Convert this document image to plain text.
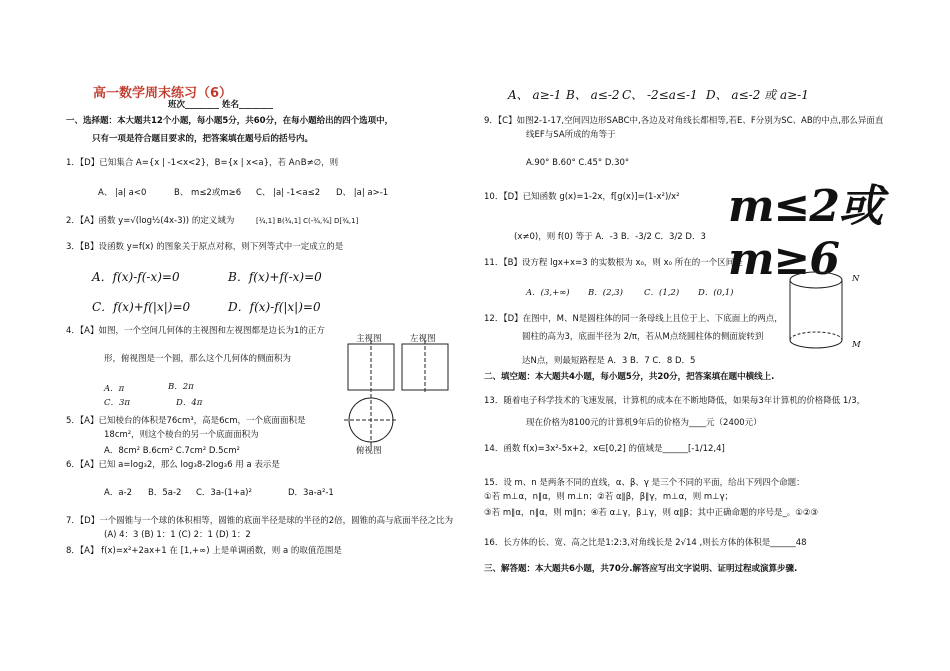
高一数学周末练习（6）
班次________ 姓名________
一、选择题：本大题共12个小题，每小题5分，共60分，在每小题给出的四个选项中，
只有一项是符合题目要求的，把答案填在题号后的括号内。
1．【D】已知集合 A={x | -1<x<2}，B={x | x<a}，若 A∩B≠∅，则
A、 |a| a<0	B、 m≤2或m≥6 C、 |a| -1<a≤2 D、 |a| a>-1
2．【A】函数 y=√(log½(4x-3)) 的定义域为	[¾,1] B(¾,1] C(-¾,¾] D[¾,1]
3．【B】设函数 y=f(x) 的图象关于原点对称，则下列等式中一定成立的是
A．f(x)-f(-x)=0	B．f(x)+f(-x)=0
C．f(x)+f(|x|)=0	D．f(x)-f(|x|)=0
4．【A】如图，一个空间几何体的主视图和左视图都是边长为1的正方
形，俯视图是一个圆，那么这个几何体的侧面积为
A．π	B．2π
C．3π	D．4π
主视图	左视图
俯视图
5．【A】已知棱台的体积是76cm³，高是6cm，一个底面面积是
18cm²，则这个棱台的另一个底面面积为
A．8cm² B.6cm² C.7cm² D.5cm²
6．【A】已知 a=log₃2，那么 log₃8-2log₃6 用 a 表示是
A．a-2 B．5a-2 C．3a-(1+a)²	D．3a-a²-1
7．【D】一个圆锥与一个球的体积相等，圆锥的底面半径是球的半径的2倍，圆锥的高与底面半径之比为
(A) 4：3 (B) 1：1 (C) 2：1 (D) 1：2
8．【A】 f(x)=x²+2ax+1 在 [1,+∞) 上是单调函数，则 a 的取值范围是
A、 a≥-1 B、 a≤-2 C、 -2≤a≤-1 D、 a≤-2 或 a≥-1
9．【C】如图2-1-17,空间四边形SABC中,各边及对角线长都相等,若E、F分别为SC、AB的中点,那么异面直
线EF与SA所成的角等于
A.90° B.60° C.45° D.30°
m≤2或m≥6
10．【D】已知函数 g(x)=1-2x，f[g(x)]=(1-x²)/x²
(x≠0)，则 f(0) 等于 A．-3 B．-3/2 C．3/2 D．3
11．【B】设方程 lgx+x=3 的实数根为 x₀，则 x₀ 所在的一个区间是
A．(3,+∞) B．(2,3) C．(1,2) D．(0,1)
12．【D】在图中，M、N是圆柱体的同一条母线上且位于上、下底面上的两点，
圆柱的高为3，底面半径为 2/π，若从M点绕圆柱体的侧面旋转到
达N点，则最短路程是 A．3 B．7 C．8 D．5
N
M
二、填空题：本大题共4小题，每小题5分，共20分，把答案填在题中横线上.
13．随着电子科学技术的飞速发展，计算机的成本在不断地降低，如果每3年计算机的价格降低 1/3，
现在价格为8100元的计算机9年后的价格为____元（2400元）
14．函数 f(x)=3x²-5x+2，x∈[0,2] 的值域是______[-1/12,4]
15．设 m、n 是两条不同的直线，α、β、γ 是三个不同的平面，给出下列四个命题：
①若 m⊥α，n∥α，则 m⊥n；②若 α∥β，β∥γ，m⊥α，则 m⊥γ；
③若 m∥α，n∥α，则 m∥n；④若 α⊥γ，β⊥γ，则 α∥β；其中正确命题的序号是_。①②③
16．长方体的长、宽、高之比是1:2:3,对角线长是 2√14 ,则长方体的体积是______48
三、解答题：本大题共6小题，共70分.解答应写出文字说明、证明过程或演算步骤.
